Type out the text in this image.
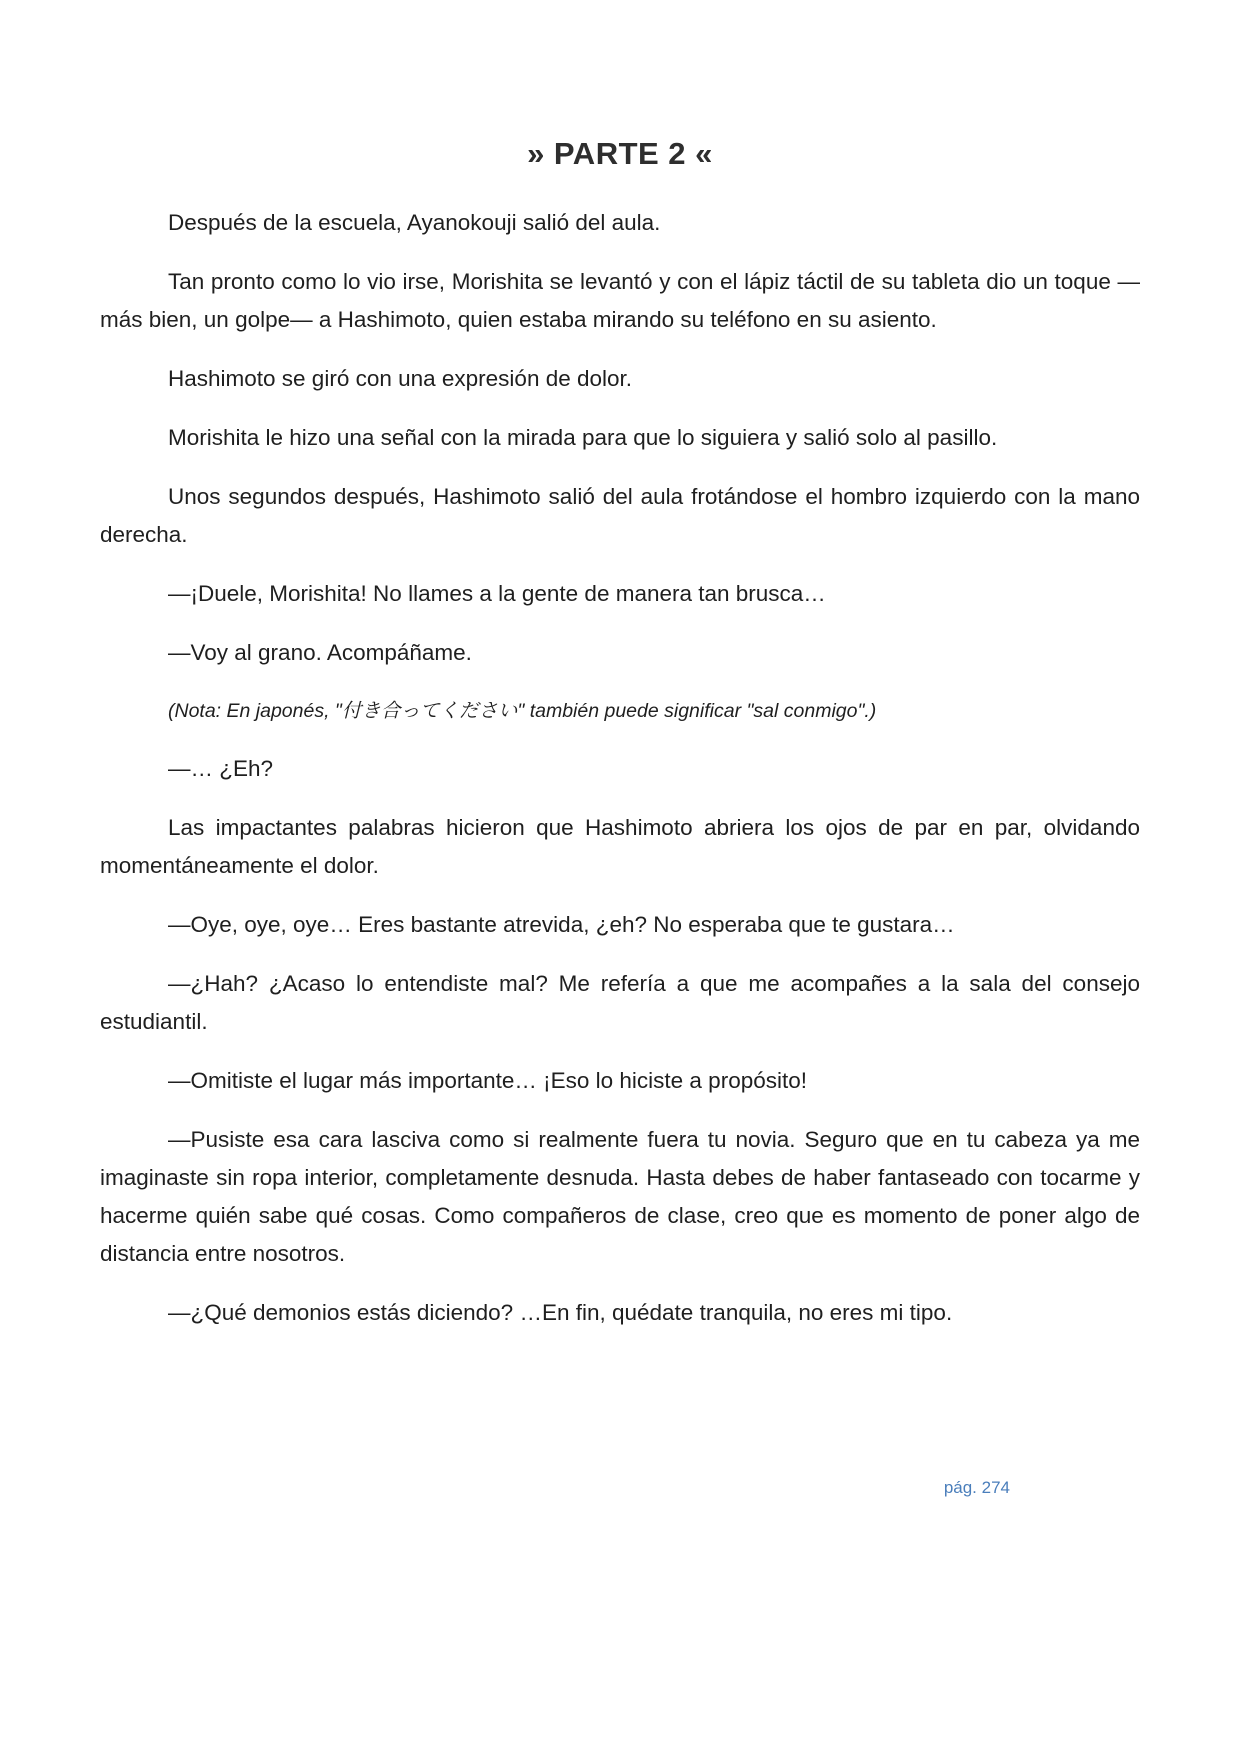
» PARTE 2 «

Después de la escuela, Ayanokouji salió del aula.

Tan pronto como lo vio irse, Morishita se levantó y con el lápiz táctil de su tableta dio un toque —más bien, un golpe— a Hashimoto, quien estaba mirando su teléfono en su asiento.

Hashimoto se giró con una expresión de dolor.

Morishita le hizo una señal con la mirada para que lo siguiera y salió solo al pasillo.

Unos segundos después, Hashimoto salió del aula frotándose el hombro izquierdo con la mano derecha.

—¡Duele, Morishita! No llames a la gente de manera tan brusca…

—Voy al grano. Acompáñame.

(Nota: En japonés, "付き合ってください" también puede significar "sal conmigo".)

—… ¿Eh?

Las impactantes palabras hicieron que Hashimoto abriera los ojos de par en par, olvidando momentáneamente el dolor.

—Oye, oye, oye… Eres bastante atrevida, ¿eh? No esperaba que te gustara…

—¿Hah? ¿Acaso lo entendiste mal? Me refería a que me acompañes a la sala del consejo estudiantil.

—Omitiste el lugar más importante… ¡Eso lo hiciste a propósito!

—Pusiste esa cara lasciva como si realmente fuera tu novia. Seguro que en tu cabeza ya me imaginaste sin ropa interior, completamente desnuda. Hasta debes de haber fantaseado con tocarme y hacerme quién sabe qué cosas. Como compañeros de clase, creo que es momento de poner algo de distancia entre nosotros.

—¿Qué demonios estás diciendo? …En fin, quédate tranquila, no eres mi tipo.

pág. 274
